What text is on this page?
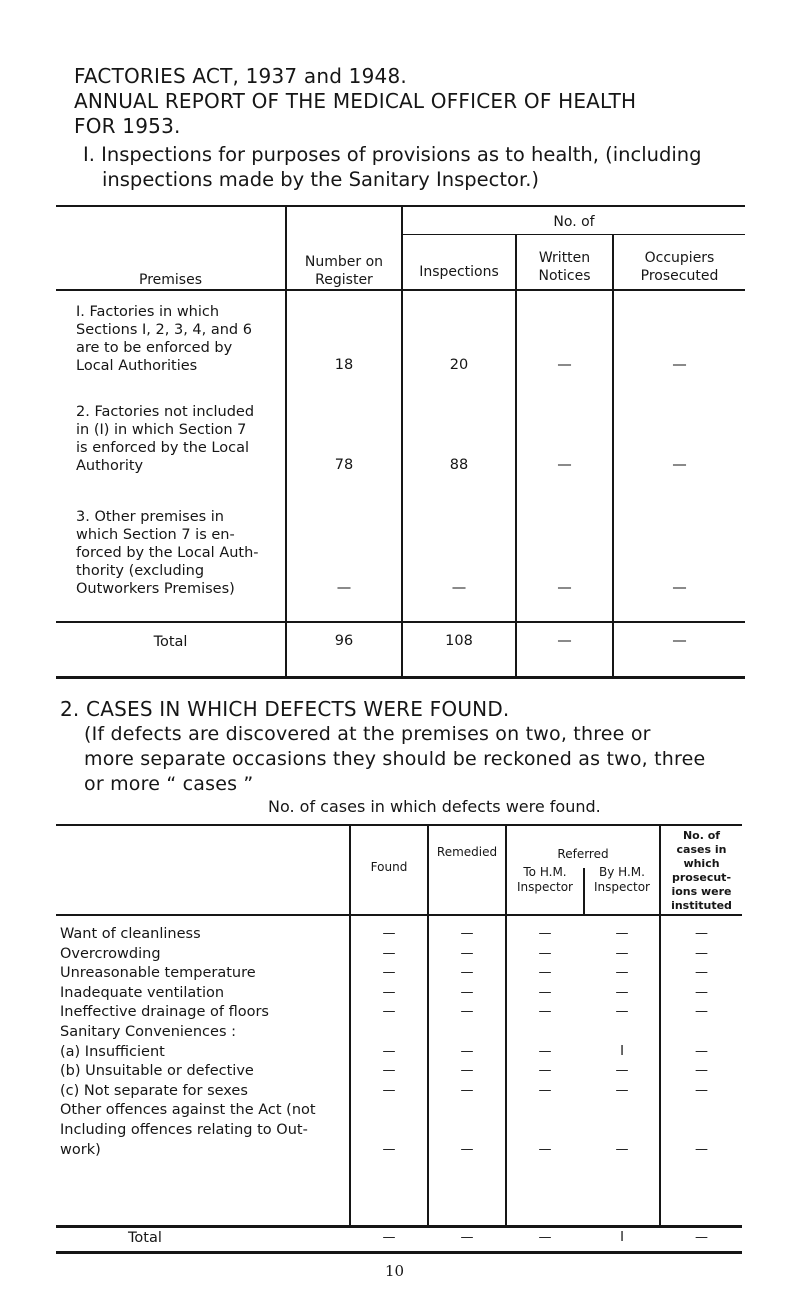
FACTORIES ACT, 1937 and 1948.
ANNUAL REPORT OF THE MEDICAL OFFICER OF HEALTH
FOR 1953.
I. Inspections for purposes of provisions as to health, (including
inspections made by the Sanitary Inspector.)
Premises
Number on
Register
No. of
Inspections
Written
Notices
Occupiers
Prosecuted
I. Factories in which
Sections I, 2, 3, 4, and 6
are to be enforced by
Local Authorities	18	20	—	—
2. Factories not included
in (I) in which Section 7
is enforced by the Local
Authority	78	88	—	—
3. Other premises in
which Section 7 is en-
forced by the Local Auth-
thority (excluding
Outworkers Premises)	—	—	—	—
Total	96	108	—	—
2. CASES IN WHICH DEFECTS WERE FOUND.
(If defects are discovered at the premises on two, three or
more separate occasions they should be reckoned as two, three
or more “ cases ”
No. of cases in which defects were found.
Found
Remedied	Referred
To H.M.
Inspector
By H.M.
Inspector
No. of
cases in
which
prosecut-
ions were
instituted
Want of cleanliness	—	—	—	—	—
Overcrowding	—	—	—	—	—
Unreasonable temperature	—	—	—	—	—
Inadequate ventilation	—	—	—	—	—
Ineffective drainage of floors	—	—	—	—	—
Sanitary Conveniences :
(a) Insufficient	—	—	—	I	—
(b) Unsuitable or defective	—	—	—	—	—
(c) Not separate for sexes	—	—	—	—	—
Other offences against the Act (not
Including offences relating to Out-
work)	—	—	—	—	—
Total	—	—	—	I	—
10
